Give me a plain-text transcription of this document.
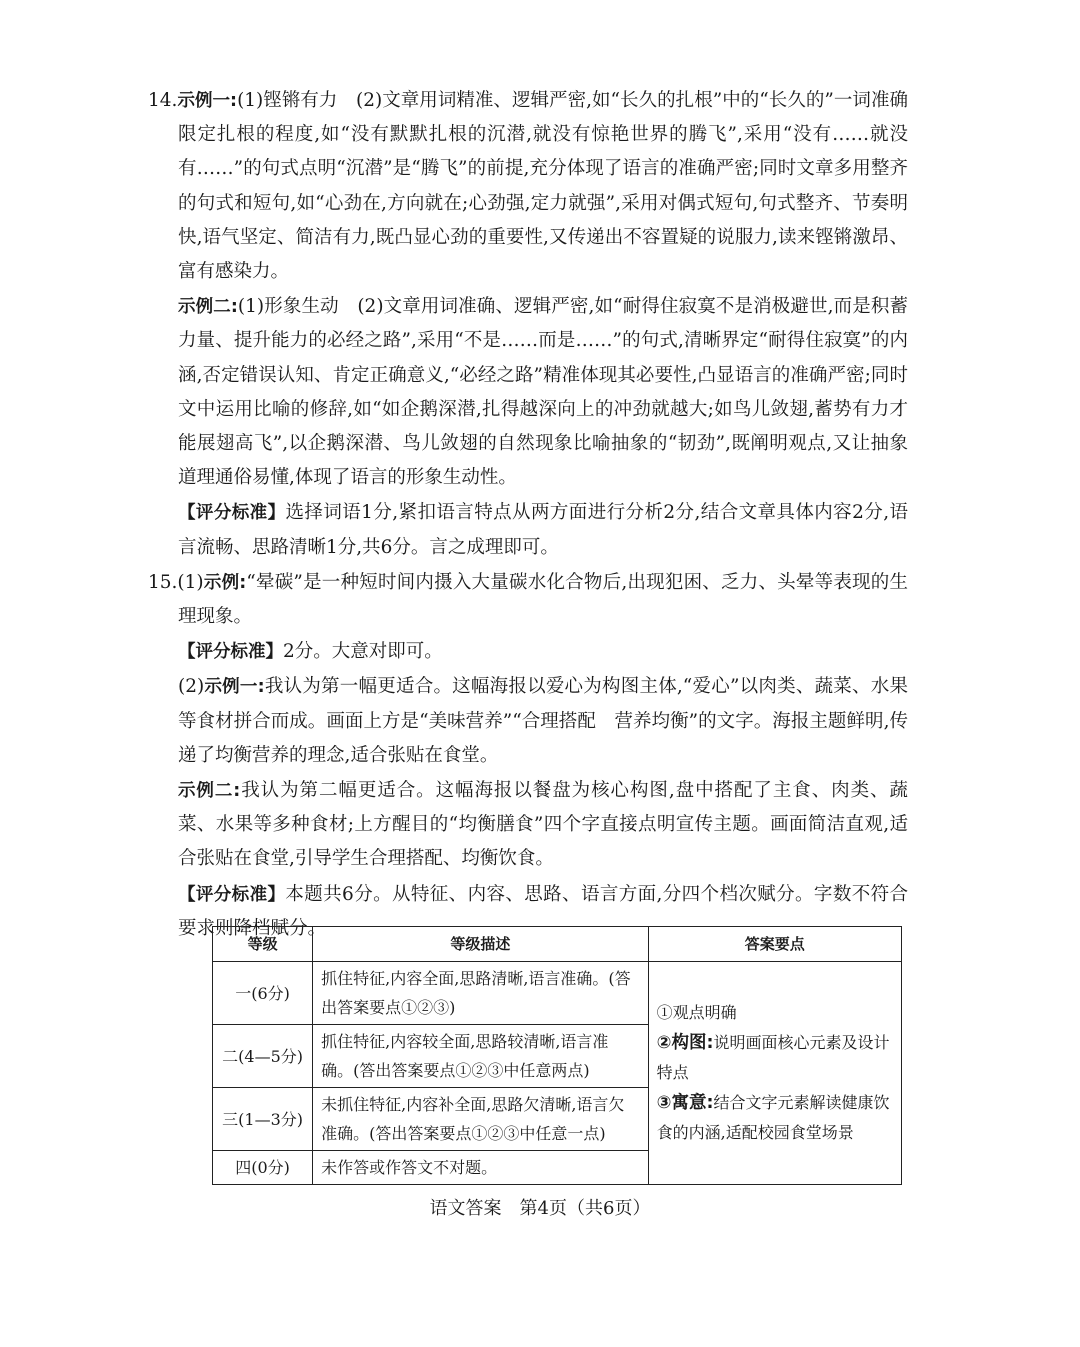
14.示例一:(1)铿锵有力　(2)文章用词精准、逻辑严密,如“长久的扎根”中的“长久的”一词准确限定扎根的程度,如“没有默默扎根的沉潜,就没有惊艳世界的腾飞”,采用“没有……就没有……”的句式点明“沉潜”是“腾飞”的前提,充分体现了语言的准确严密;同时文章多用整齐的句式和短句,如“心劲在,方向就在;心劲强,定力就强”,采用对偶式短句,句式整齐、节奏明快,语气坚定、简洁有力,既凸显心劲的重要性,又传递出不容置疑的说服力,读来铿锵激昂、富有感染力。

示例二:(1)形象生动　(2)文章用词准确、逻辑严密,如“耐得住寂寞不是消极避世,而是积蓄力量、提升能力的必经之路”,采用“不是……而是……”的句式,清晰界定“耐得住寂寞”的内涵,否定错误认知、肯定正确意义,“必经之路”精准体现其必要性,凸显语言的准确严密;同时文中运用比喻的修辞,如“如企鹅深潜,扎得越深向上的冲劲就越大;如鸟儿敛翅,蓄势有力才能展翅高飞”,以企鹅深潜、鸟儿敛翅的自然现象比喻抽象的“韧劲”,既阐明观点,又让抽象道理通俗易懂,体现了语言的形象生动性。

【评分标准】选择词语1分,紧扣语言特点从两方面进行分析2分,结合文章具体内容2分,语言流畅、思路清晰1分,共6分。言之成理即可。

15.(1)示例:“晕碳”是一种短时间内摄入大量碳水化合物后,出现犯困、乏力、头晕等表现的生理现象。

【评分标准】2分。大意对即可。

(2)示例一:我认为第一幅更适合。这幅海报以爱心为构图主体,“爱心”以肉类、蔬菜、水果等食材拼合而成。画面上方是“美味营养”“合理搭配　营养均衡”的文字。海报主题鲜明,传递了均衡营养的理念,适合张贴在食堂。

示例二:我认为第二幅更适合。这幅海报以餐盘为核心构图,盘中搭配了主食、肉类、蔬菜、水果等多种食材;上方醒目的“均衡膳食”四个字直接点明宣传主题。画面简洁直观,适合张贴在食堂,引导学生合理搭配、均衡饮食。

【评分标准】本题共6分。从特征、内容、思路、语言方面,分四个档次赋分。字数不符合要求则降档赋分。

等级	等级描述	答案要点
一(6分)	抓住特征,内容全面,思路清晰,语言准确。(答出答案要点①②③)	①观点明确
②构图:说明画面核心元素及设计特点
③寓意:结合文字元素解读健康饮食的内涵,适配校园食堂场景

二(4—5分)	抓住特征,内容较全面,思路较清晰,语言准确。(答出答案要点①②③中任意两点)	
三(1—3分)	未抓住特征,内容补全面,思路欠清晰,语言欠准确。(答出答案要点①②③中任意一点)	
四(0分)	未作答或作答文不对题。	
语文答案　第4页（共6页）
